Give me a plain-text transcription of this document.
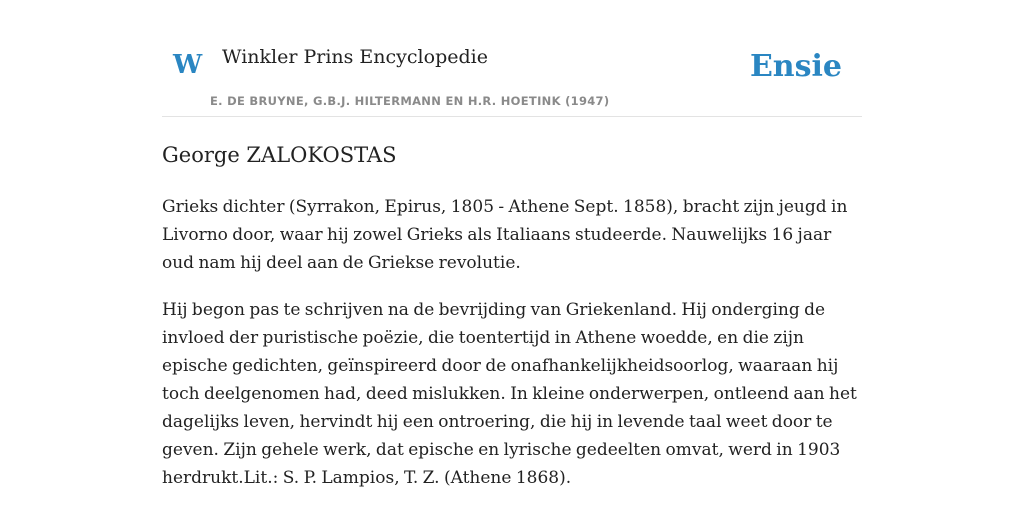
W Winkler Prins Encyclopedie
E. DE BRUYNE, G.B.J. HILTERMANN EN H.R. HOETINK (1947)
Ensie
George ZALOKOSTAS

Grieks dichter (Syrrakon, Epirus, 1805 - Athene Sept. 1858), bracht zijn jeugd in Livorno door, waar hij zowel Grieks als Italiaans studeerde. Nauwelijks 16 jaar oud nam hij deel aan de Griekse revolutie.

Hij begon pas te schrijven na de bevrijding van Griekenland. Hij onderging de invloed der puristische poëzie, die toentertijd in Athene woedde, en die zijn epische gedichten, geïnspireerd door de onafhankelijkheidsoorlog, waaraan hij toch deelgenomen had, deed mislukken. In kleine onderwerpen, ontleend aan het dagelijks leven, hervindt hij een ontroering, die hij in levende taal weet door te geven. Zijn gehele werk, dat epische en lyrische gedeelten omvat, werd in 1903 herdrukt.Lit.: S. P. Lampios, T. Z. (Athene 1868).
